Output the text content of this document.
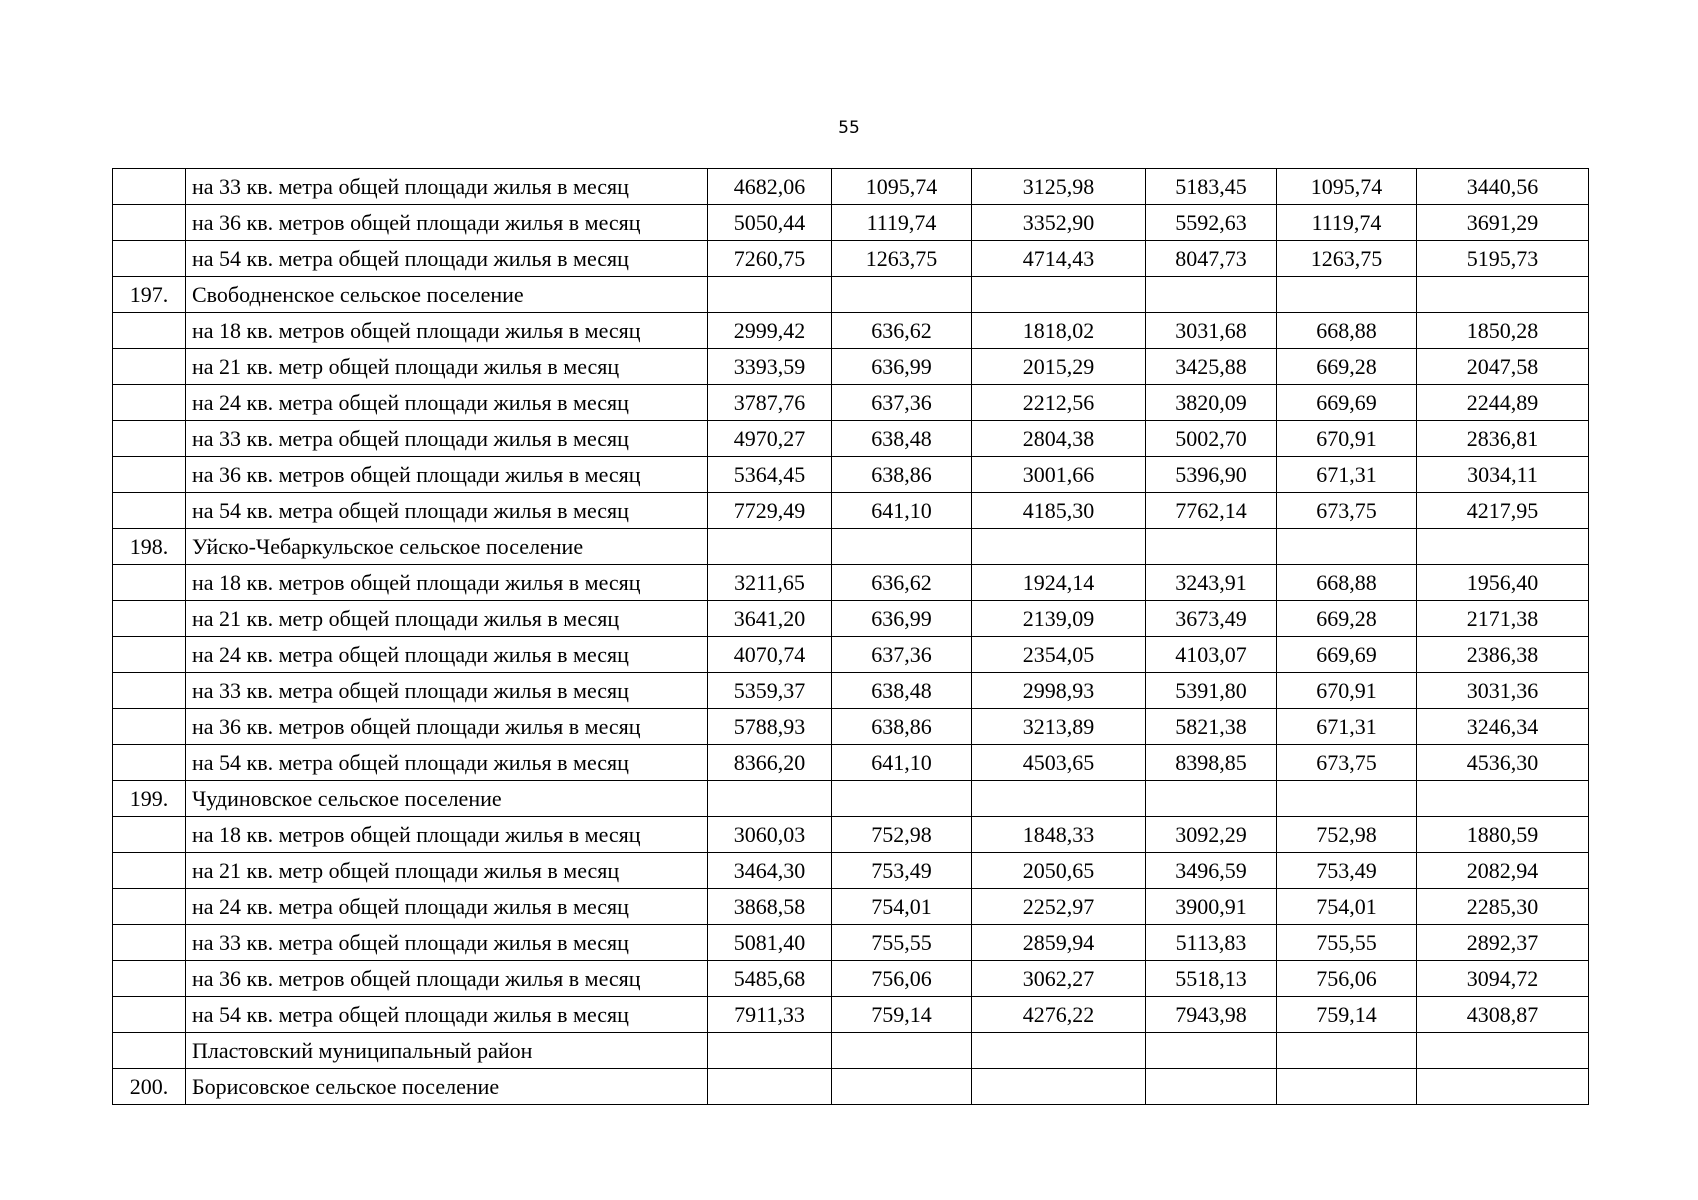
55
	на 33 кв. метра общей площади жилья в месяц	4682,06	1095,74	3125,98	5183,45	1095,74	3440,56
	на 36 кв. метров общей площади жилья в месяц	5050,44	1119,74	3352,90	5592,63	1119,74	3691,29
	на 54 кв. метра общей площади жилья в месяц	7260,75	1263,75	4714,43	8047,73	1263,75	5195,73
197.	Свободненское сельское поселение						
	на 18 кв. метров общей площади жилья в месяц	2999,42	636,62	1818,02	3031,68	668,88	1850,28
	на 21 кв. метр общей площади жилья в месяц	3393,59	636,99	2015,29	3425,88	669,28	2047,58
	на 24 кв. метра общей площади жилья в месяц	3787,76	637,36	2212,56	3820,09	669,69	2244,89
	на 33 кв. метра общей площади жилья в месяц	4970,27	638,48	2804,38	5002,70	670,91	2836,81
	на 36 кв. метров общей площади жилья в месяц	5364,45	638,86	3001,66	5396,90	671,31	3034,11
	на 54 кв. метра общей площади жилья в месяц	7729,49	641,10	4185,30	7762,14	673,75	4217,95
198.	Уйско-Чебаркульское сельское поселение						
	на 18 кв. метров общей площади жилья в месяц	3211,65	636,62	1924,14	3243,91	668,88	1956,40
	на 21 кв. метр общей площади жилья в месяц	3641,20	636,99	2139,09	3673,49	669,28	2171,38
	на 24 кв. метра общей площади жилья в месяц	4070,74	637,36	2354,05	4103,07	669,69	2386,38
	на 33 кв. метра общей площади жилья в месяц	5359,37	638,48	2998,93	5391,80	670,91	3031,36
	на 36 кв. метров общей площади жилья в месяц	5788,93	638,86	3213,89	5821,38	671,31	3246,34
	на 54 кв. метра общей площади жилья в месяц	8366,20	641,10	4503,65	8398,85	673,75	4536,30
199.	Чудиновское сельское поселение						
	на 18 кв. метров общей площади жилья в месяц	3060,03	752,98	1848,33	3092,29	752,98	1880,59
	на 21 кв. метр общей площади жилья в месяц	3464,30	753,49	2050,65	3496,59	753,49	2082,94
	на 24 кв. метра общей площади жилья в месяц	3868,58	754,01	2252,97	3900,91	754,01	2285,30
	на 33 кв. метра общей площади жилья в месяц	5081,40	755,55	2859,94	5113,83	755,55	2892,37
	на 36 кв. метров общей площади жилья в месяц	5485,68	756,06	3062,27	5518,13	756,06	3094,72
	на 54 кв. метра общей площади жилья в месяц	7911,33	759,14	4276,22	7943,98	759,14	4308,87
	Пластовский муниципальный район						
200.	Борисовское сельское поселение						
